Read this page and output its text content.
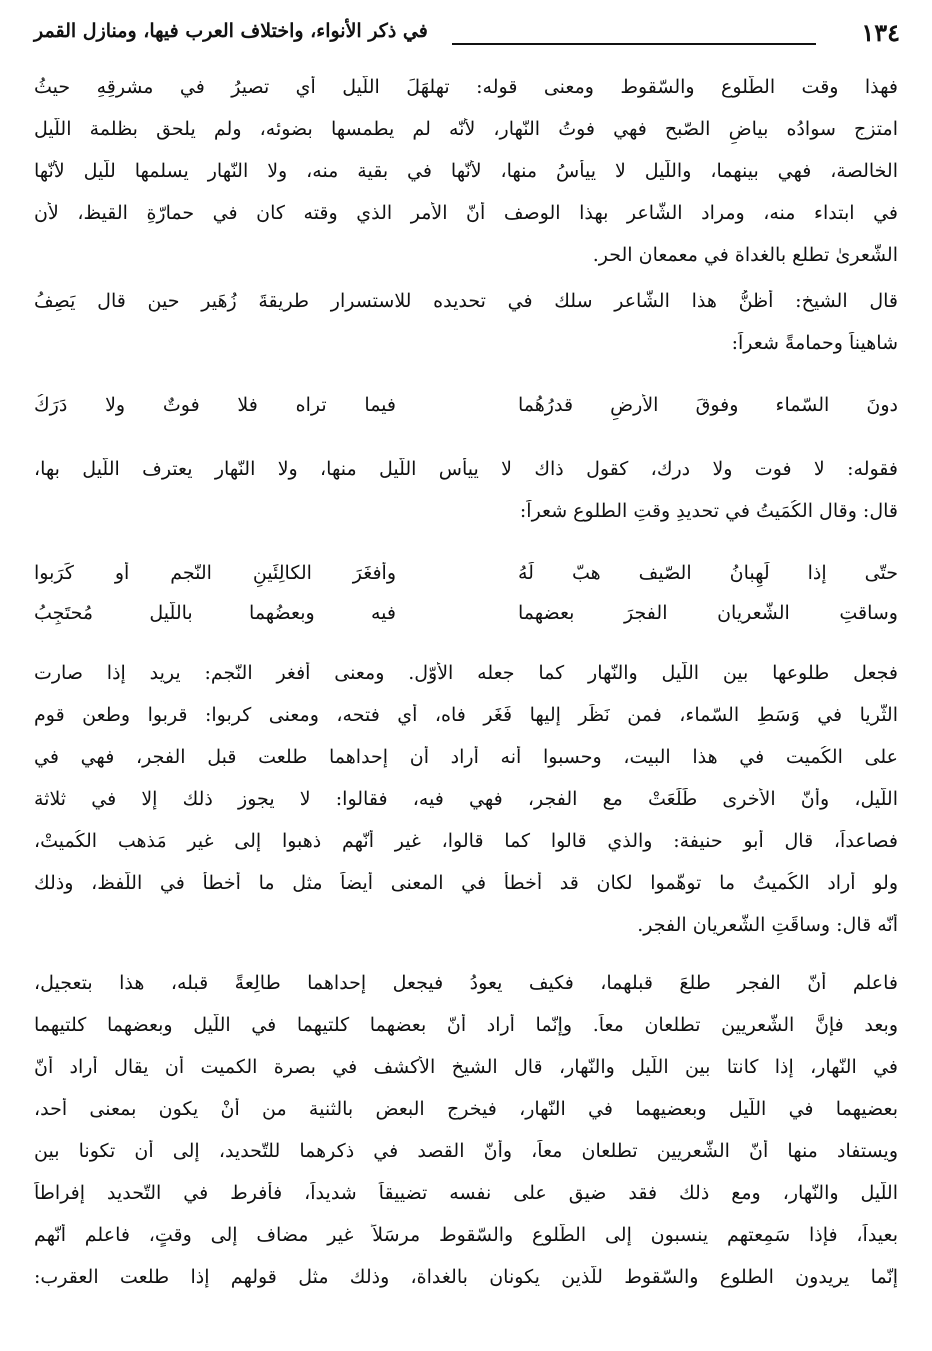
١٣٤
في ذكر الأنواء، واختلاف العرب فيها، ومنازل القمر
فهذا وقت الطّلوع والسّقوط ومعنى قوله: تهلهَلَ اللّيل أي تصيرُ في مشرقِهِ حيثُ
امتزج سوادُه بياضِ الصّبح فهي فوتُ النّهار، لأنّه لم يطمسها بضوئه، ولم يلحق بظلمة اللّيل
الخالصة، فهي بينهما، واللّيل لا ييأسُ منها، لأنّها في بقية منه، ولا النّهار يسلمها للّيل لأنّها
في ابتداء منه، ومراد الشّاعر بهذا الوصف أنّ الأمر الذي وقته كان في حمارّةِ القيظ، لأن
الشّعرىٰ تطلع بالغداة في معمعان الحر.
قال الشيخ: أظنُّ هذا الشّاعر سلك في تحديده للاستسرار طريقةَ زُهَير حين قال يَصِفُ
شاهيناً وحمامةً شعراً:
دونَ السّماء وفوقَ الأرضِ قدرُهُما
فيما تراه فلا فوتٌ ولا دَرَكُ
فقوله: لا فوت ولا درك، كقول ذاك لا ييأس اللّيل منها، ولا النّهار يعترف اللّيل بها،
قال: وقال الكُمَيتُ في تحديدِ وقتِ الطلوع شعراً:
حتّى إذا لَهِبانُ الصّيف هبّ لَهُ
وأفغَرَ الكالِئَينِ النّجم أو كَرَبوا
وساقتِ الشّعريان الفجرَ بعضهما
فيه وبعضُهما باللّيل مُحتَجِبُ
فجعل طلوعها بين اللّيل والنّهار كما جعله الأوّل. ومعنى أفغر النّجم: يريد إذا صارت
الثّريا في وَسَطِ السّماء، فمن نَظَر إليها فَغَر فاه، أي فتحه، ومعنى كربوا: قربوا وطعن قوم
على الكُميت في هذا البيت، وحسبوا أنه أراد أن إحداهما طلعت قبل الفجر، فهي في
اللّيل، وأنّ الأخرى طَلَعَتْ مع الفجر، فهي فيه، فقالوا: لا يجوز ذلك إلا في ثلاثة
فصاعداً، قال أبو حنيفة: والذي قالوا كما قالوا، غير أنّهم ذهبوا إلى غير مَذهب الكُميتْ،
ولو أراد الكُميتُ ما توهّموا لكان قد أخطأ في المعنى أيضاً مثل ما أخطأ في اللّفظ، وذلك
أنّه قال: وساقَتِ الشّعريان الفجر.
فاعلم أنّ الفجر طلعَ قبلهما، فكيف يعودُ فيجعل إحداهما طالِعةً قبله، هذا بتعجيل،
وبعد فإنَّ الشّعريين تطلعان معاً. وإنّما أراد أنّ بعضهما كلتيهما في اللّيل وبعضهما كلتيهما
في النّهار، إذا كانتا بين اللّيل والنّهار، قال الشيخ الأكشف في بصرة الكميت أن يقال أراد أنّ
بعضيهما في اللّيل وبعضيهما في النّهار، فيخرج البعض بالثنية من أنْ يكون بمعنى أحد،
ويستفاد منها أنّ الشّعريين تطلعان معاً، وأنّ القصد في ذكرهما للتّحديد، إلى أن تكونا بين
اللّيل والنّهار، ومع ذلك فقد ضيق على نفسه تضييقاً شديداً، فأفرط في التّحديد إفراطاً
بعيداً، فإذا سَمِعتهم ينسبون إلى الطّلوع والسّقوط مرسَلاً غير مضاف إلى وقتٍ، فاعلم أنّهم
إنّما يريدون الطلوع والسّقوط للّذين يكونان بالغداة، وذلك مثل قولهم إذا طلعت العقرب:
